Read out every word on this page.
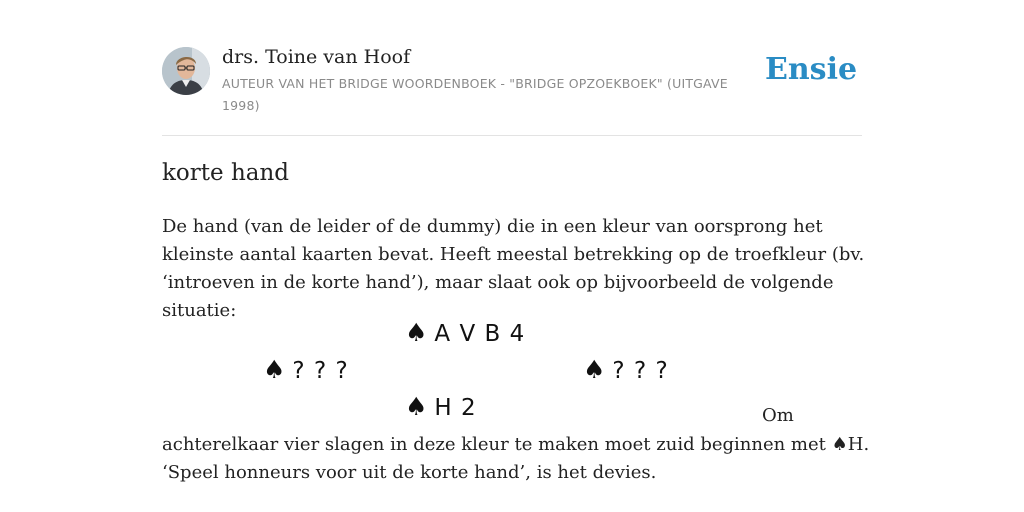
drs. Toine van Hoof
AUTEUR VAN HET BRIDGE WOORDENBOEK - "BRIDGE OPZOEKBOEK" (UITGAVE 1998)
Ensie
korte hand

De hand (van de leider of de dummy) die in een kleur van oorsprong het kleinste aantal kaarten bevat. Heeft meestal betrekking op de troefkleur (bv. ‘introeven in de korte hand’), maar slaat ook op bijvoorbeeld de volgende situatie:

♠ A V B 4
♠ ? ? ?	♠ ? ? ?
♠ H 2	Om

achterelkaar vier slagen in deze kleur te maken moet zuid beginnen met ♠H. ‘Speel honneurs voor uit de korte hand’, is het devies.
